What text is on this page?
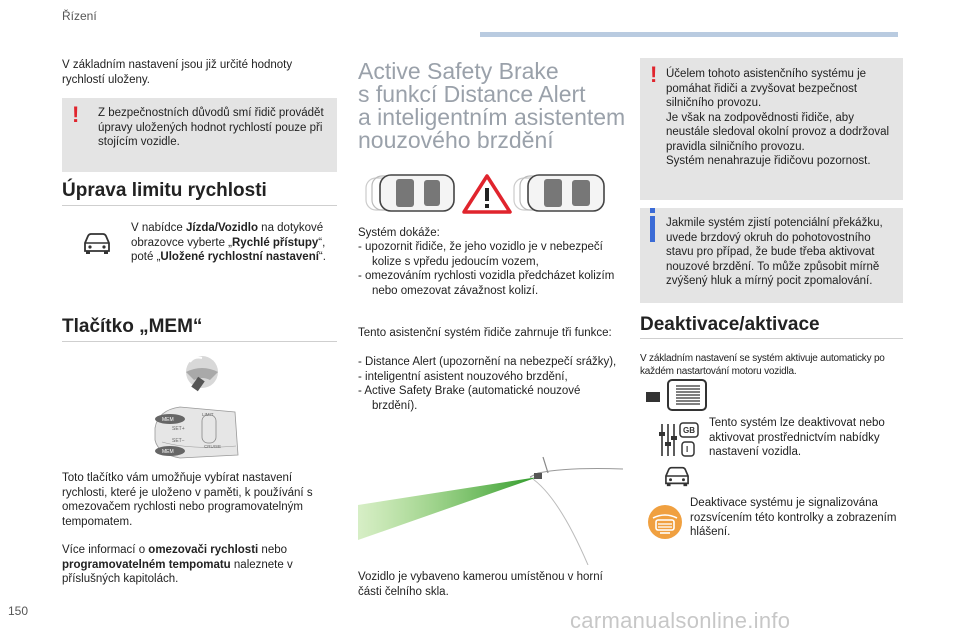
Řízení

V základním nastavení jsou již určité hodnoty rychlostí uloženy.

! Z bezpečnostních důvodů smí řidič provádět úpravy uložených hodnot rychlostí pouze při stojícím vozidle.

Úprava limitu rychlosti

V nabídce Jízda/Vozidlo na dotykové obrazovce vyberte „Rychlé přístupy“, poté „Uložené rychlostní nastavení“.

Tlačítko „MEM“
MEM
SET+
SET−
LIMIT
CRUISE
MEM

Toto tlačítko vám umožňuje vybírat nastavení rychlosti, které je uloženo v paměti, k používání s omezovačem rychlosti nebo programovatelným tempomatem.

Více informací o omezovači rychlosti nebo programovatelném tempomatu naleznete v příslušných kapitolách.

Active Safety Brake
s funkcí Distance Alert
a inteligentním asistentem
nouzového brzdění

Systém dokáže:

- upozornit řidiče, že jeho vozidlo je v nebezpečí kolize s vpředu jedoucím vozem,
- omezováním rychlosti vozidla předcházet kolizím nebo omezovat závažnost kolizí.

Tento asistenční systém řidiče zahrnuje tři funkce:

- Distance Alert (upozornění na nebezpečí srážky),
- inteligentní asistent nouzového brzdění,
- Active Safety Brake (automatické nouzové brzdění).

Vozidlo je vybaveno kamerou umístěnou v horní části čelního skla.

! Účelem tohoto asistenčního systému je pomáhat řidiči a zvyšovat bezpečnost silničního provozu.

Je však na zodpovědnosti řidiče, aby neustále sledoval okolní provoz a dodržoval pravidla silničního provozu.

Systém nenahrazuje řidičovu pozornost.

Jakmile systém zjistí potenciální překážku, uvede brzdový okruh do pohotovostního stavu pro případ, že bude třeba aktivovat nouzové brzdění. To může způsobit mírně zvýšený hluk a mírný pocit zpomalování.

Deaktivace/aktivace

V základním nastavení se systém aktivuje automaticky po každém nastartování motoru vozidla.

GB
I

Tento systém lze deaktivovat nebo aktivovat prostřednictvím nabídky nastavení vozidla.

Deaktivace systému je signalizována rozsvícením této kontrolky a zobrazením hlášení.

150	carmanualsonline.info
